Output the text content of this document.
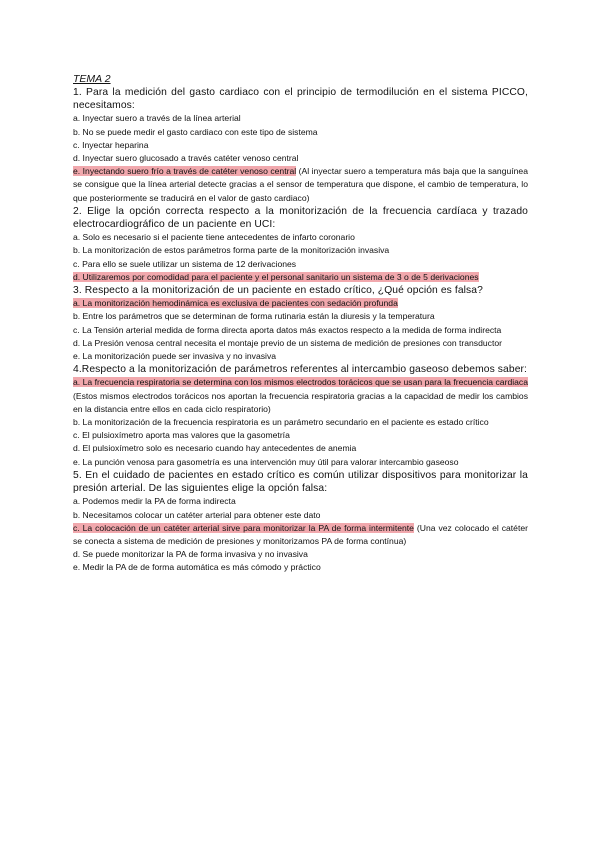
TEMA 2
1. Para la medición del gasto cardiaco con el principio de termodilución en el sistema PICCO, necesitamos:
a. Inyectar suero a través de la línea arterial
b. No se puede medir el gasto cardiaco con este tipo de sistema
c. Inyectar heparina
d. Inyectar suero glucosado a través catéter venoso central
e. Inyectando suero frío a través de catéter venoso central (Al inyectar suero a temperatura más baja que la sanguínea se consigue que la línea arterial detecte gracias a el sensor de temperatura que dispone, el cambio de temperatura, lo que posteriormente se traducirá en el valor de gasto cardiaco)
2. Elige la opción correcta respecto a la monitorización de la frecuencia cardíaca y trazado electrocardiográfico de un paciente en UCI:
a. Solo es necesario si el paciente tiene antecedentes de infarto coronario
b. La monitorización de estos parámetros forma parte de la monitorización invasiva
c. Para ello se suele utilizar un sistema de 12 derivaciones
d. Utilizaremos por comodidad para el paciente y el personal sanitario un sistema de 3 o de 5 derivaciones
3. Respecto a la monitorización de un paciente en estado crítico, ¿Qué opción es falsa?
a. La monitorización hemodinámica es exclusiva de pacientes con sedación profunda
b. Entre los parámetros que se determinan de forma rutinaria están la diuresis y la temperatura
c. La Tensión arterial medida de forma directa aporta datos más exactos respecto a la medida de forma indirecta
d. La Presión venosa central necesita el montaje previo de un sistema de medición de presiones con transductor
e. La monitorización puede ser invasiva y no invasiva
4.Respecto a la monitorización de parámetros referentes al intercambio gaseoso debemos saber:
a. La frecuencia respiratoria se determina con los mismos electrodos torácicos que se usan para la frecuencia cardiaca (Estos mismos electrodos torácicos nos aportan la frecuencia respiratoria gracias a la capacidad de medir los cambios en la distancia entre ellos en cada ciclo respiratorio)
b. La monitorización de la frecuencia respiratoria es un parámetro secundario en el paciente es estado crítico
c. El pulsioxímetro aporta mas valores que la gasometría
d. El pulsioxímetro solo es necesario cuando hay antecedentes de anemia
e. La punción venosa para gasometría es una intervención muy útil para valorar intercambio gaseoso
5. En el cuidado de pacientes en estado crítico es común utilizar dispositivos para monitorizar la presión arterial. De las siguientes elige la opción falsa:
a. Podemos medir la PA de forma indirecta
b. Necesitamos colocar un catéter arterial para obtener este dato
c. La colocación de un catéter arterial sirve para monitorizar la PA de forma intermitente (Una vez colocado el catéter se conecta a sistema de medición de presiones y monitorizamos PA de forma contínua)
d. Se puede monitorizar la PA de forma invasiva y no invasiva
e. Medir la PA de de forma automática es más cómodo y práctico
